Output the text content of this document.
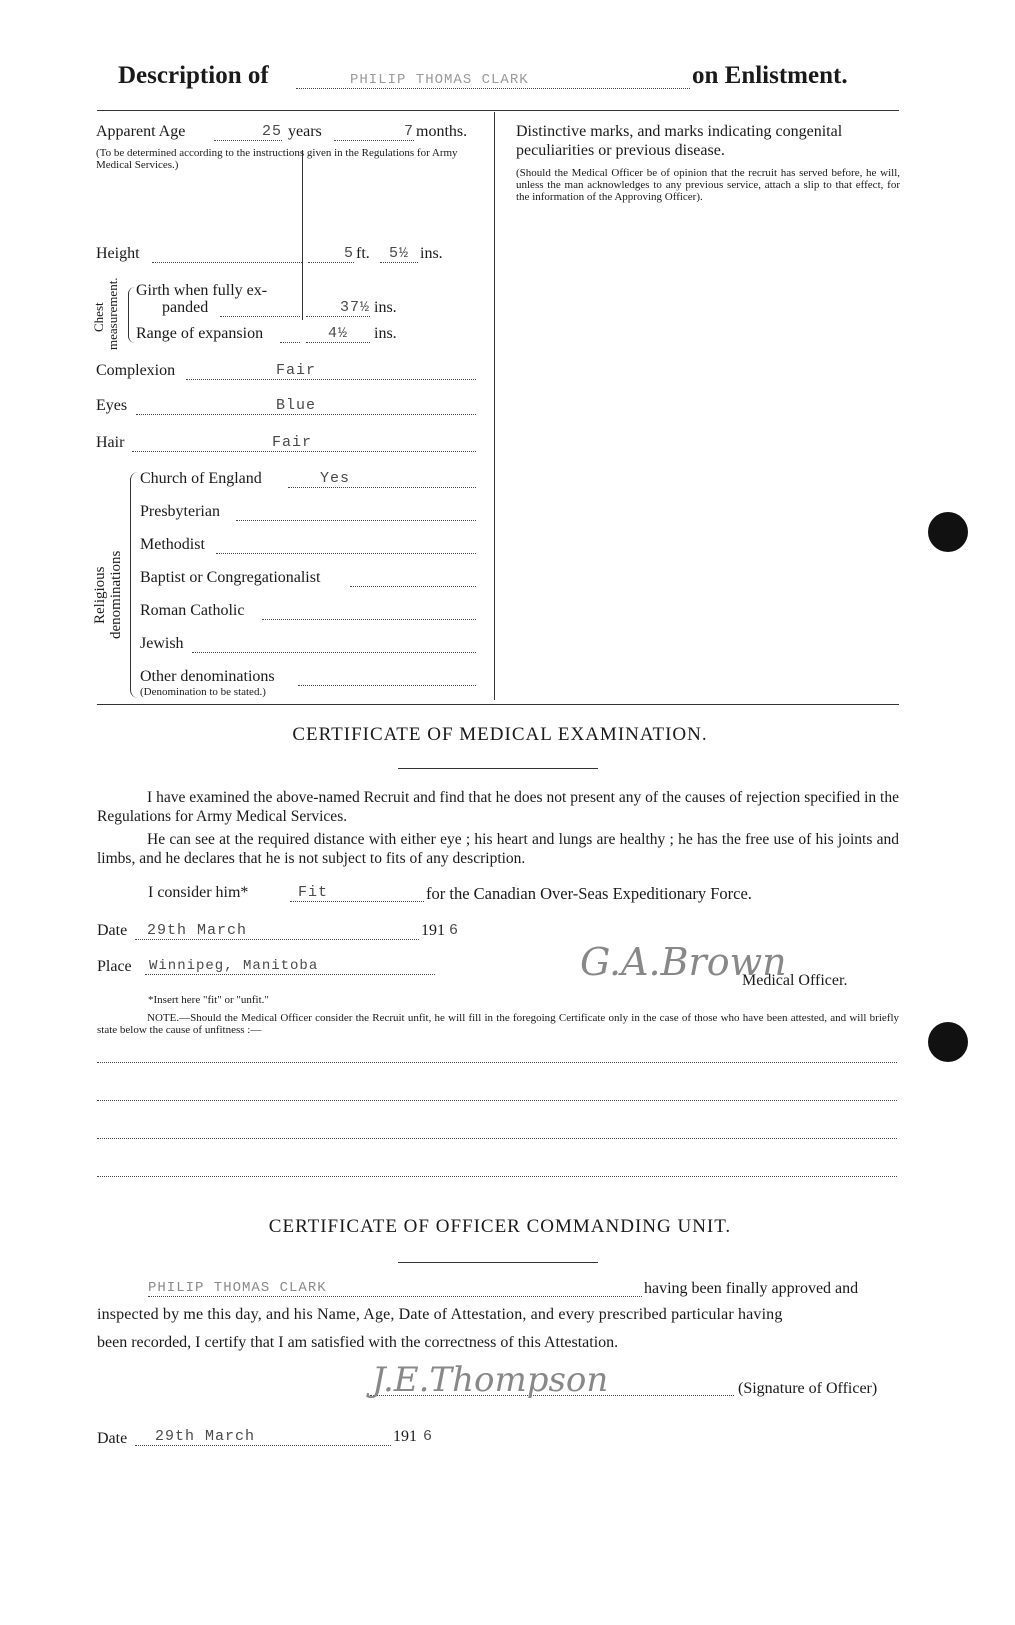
Description of	PHILIP THOMAS CLARK	on Enlistment.
Apparent Age	25 years	7 months.
(To be determined according to the instructions given in the Regulations for Army Medical Services.)
Height	5 ft.	5½ ins.
Chest measurement. Girth when fully ex-
panded	37½ ins.
Range of expansion	4½	ins.
Complexion	Fair
Eyes	Blue
Hair	Fair
Religious denominations
Church of England	Yes
Presbyterian
Methodist
Baptist or Congregationalist
Roman Catholic
Jewish
Other denominations
(Denomination to be stated.)
Distinctive marks, and marks indicating congenital peculiarities or previous disease.
(Should the Medical Officer be of opinion that the recruit has served before, he will, unless the man acknowledges to any previous service, attach a slip to that effect, for the information of the Approving Officer).
CERTIFICATE OF MEDICAL EXAMINATION.
I have examined the above-named Recruit and find that he does not present any of the causes of rejection specified in the Regulations for Army Medical Services.
He can see at the required distance with either eye ; his heart and lungs are healthy ; he has the free use of his joints and limbs, and he declares that he is not subject to fits of any description.
I consider him*	Fit	for the Canadian Over-Seas Expeditionary Force.
Date	29th March	191 6
Place Winnipeg, Manitoba	G.A.Brown
Medical Officer.
*Insert here "fit" or "unfit."
NOTE.—Should the Medical Officer consider the Recruit unfit, he will fill in the foregoing Certificate only in the case of those who have been attested, and will briefly state below the cause of unfitness :—
CERTIFICATE OF OFFICER COMMANDING UNIT.
PHILIP THOMAS CLARK	having been finally approved and
inspected by me this day, and his Name, Age, Date of Attestation, and every prescribed particular having
been recorded, I certify that I am satisfied with the correctness of this Attestation.
J.E.Thompson	(Signature of Officer)
Date	29th March	191 6
